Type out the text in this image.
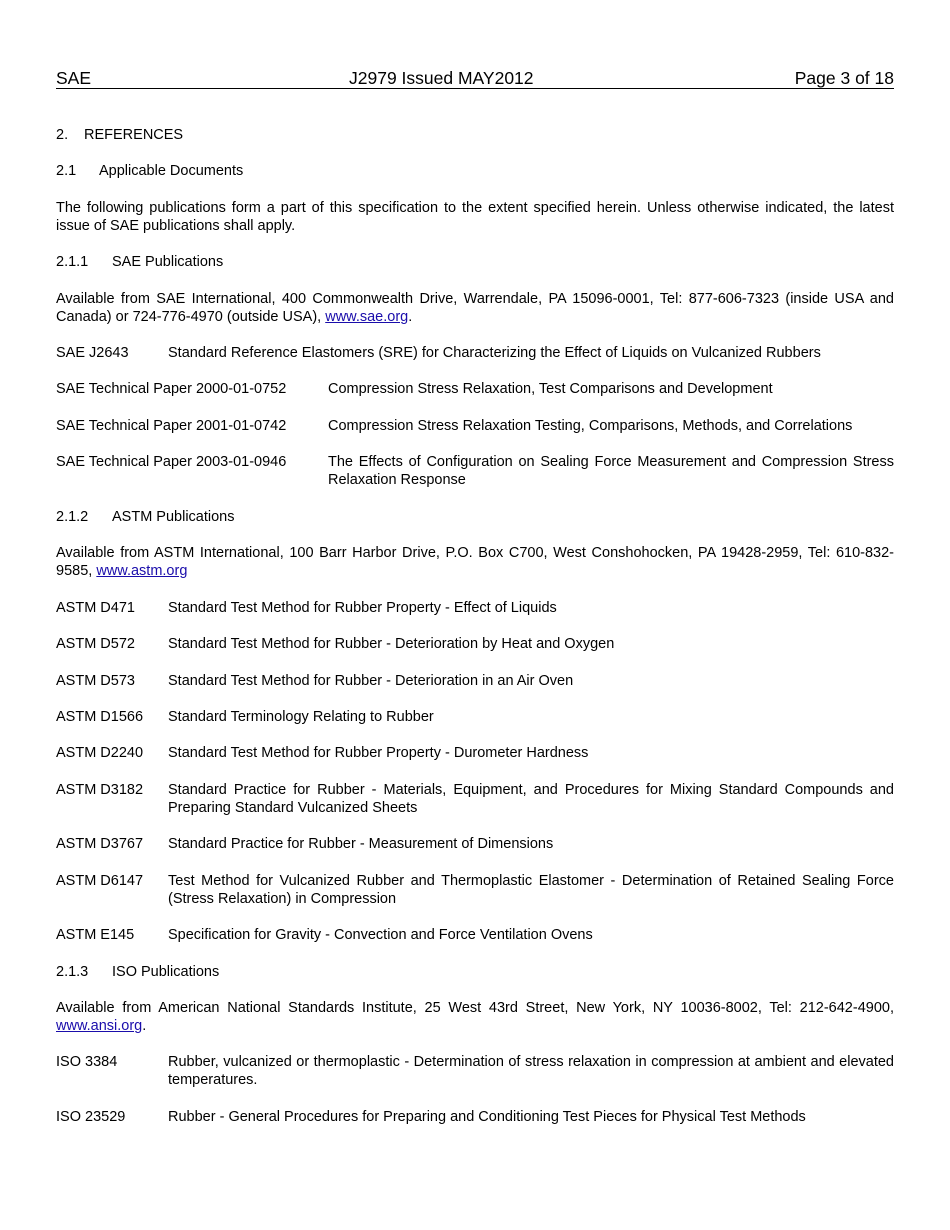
SAE	J2979 Issued MAY2012	Page 3 of 18
2. REFERENCES
2.1 Applicable Documents
The following publications form a part of this specification to the extent specified herein. Unless otherwise indicated, the latest issue of SAE publications shall apply.
2.1.1 SAE Publications
Available from SAE International, 400 Commonwealth Drive, Warrendale, PA 15096-0001, Tel: 877-606-7323 (inside USA and Canada) or 724-776-4970 (outside USA), www.sae.org.
SAE J2643	Standard Reference Elastomers (SRE) for Characterizing the Effect of Liquids on Vulcanized Rubbers
SAE Technical Paper 2000-01-0752	Compression Stress Relaxation, Test Comparisons and Development
SAE Technical Paper 2001-01-0742	Compression Stress Relaxation Testing, Comparisons, Methods, and Correlations
SAE Technical Paper 2003-01-0946	The Effects of Configuration on Sealing Force Measurement and Compression Stress Relaxation Response
2.1.2 ASTM Publications
Available from ASTM International, 100 Barr Harbor Drive, P.O. Box C700, West Conshohocken, PA 19428-2959, Tel: 610-832-9585, www.astm.org
ASTM D471 Standard Test Method for Rubber Property - Effect of Liquids
ASTM D572 Standard Test Method for Rubber - Deterioration by Heat and Oxygen
ASTM D573 Standard Test Method for Rubber - Deterioration in an Air Oven
ASTM D1566 Standard Terminology Relating to Rubber
ASTM D2240 Standard Test Method for Rubber Property - Durometer Hardness
ASTM D3182 Standard Practice for Rubber - Materials, Equipment, and Procedures for Mixing Standard Compounds and Preparing Standard Vulcanized Sheets
ASTM D3767 Standard Practice for Rubber - Measurement of Dimensions
ASTM D6147 Test Method for Vulcanized Rubber and Thermoplastic Elastomer - Determination of Retained Sealing Force (Stress Relaxation) in Compression
ASTM E145 Specification for Gravity - Convection and Force Ventilation Ovens
2.1.3 ISO Publications
Available from American National Standards Institute, 25 West 43rd Street, New York, NY 10036-8002, Tel: 212-642-4900, www.ansi.org.
ISO 3384	Rubber, vulcanized or thermoplastic - Determination of stress relaxation in compression at ambient and elevated temperatures.
ISO 23529	Rubber - General Procedures for Preparing and Conditioning Test Pieces for Physical Test Methods
